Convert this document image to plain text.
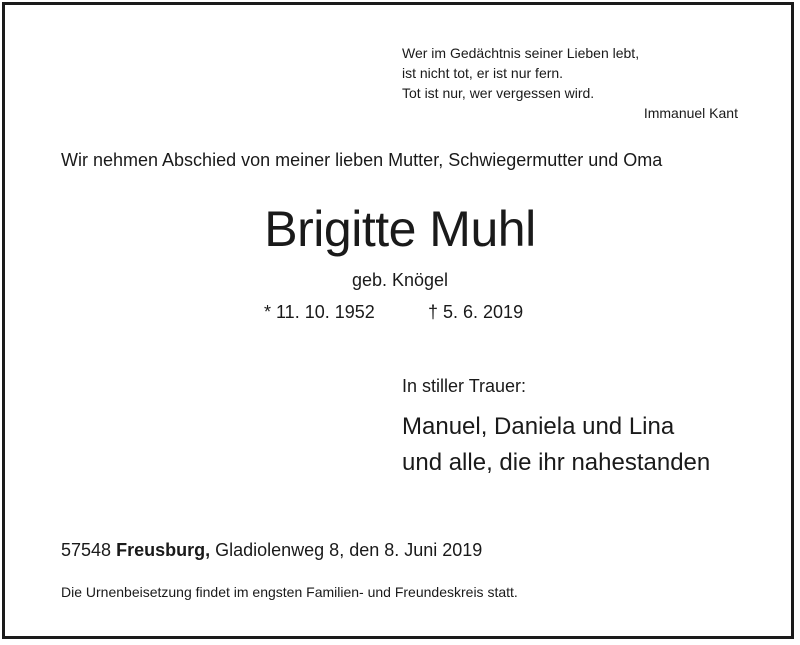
Wer im Gedächtnis seiner Lieben lebt,
ist nicht tot, er ist nur fern.
Tot ist nur, wer vergessen wird.
Immanuel Kant
Wir nehmen Abschied von meiner lieben Mutter, Schwiegermutter und Oma
Brigitte Muhl
geb. Knögel
* 11. 10. 1952	† 5. 6. 2019
In stiller Trauer:
Manuel, Daniela und Lina
und alle, die ihr nahestanden
57548 Freusburg, Gladiolenweg 8, den 8. Juni 2019
Die Urnenbeisetzung findet im engsten Familien- und Freundeskreis statt.
